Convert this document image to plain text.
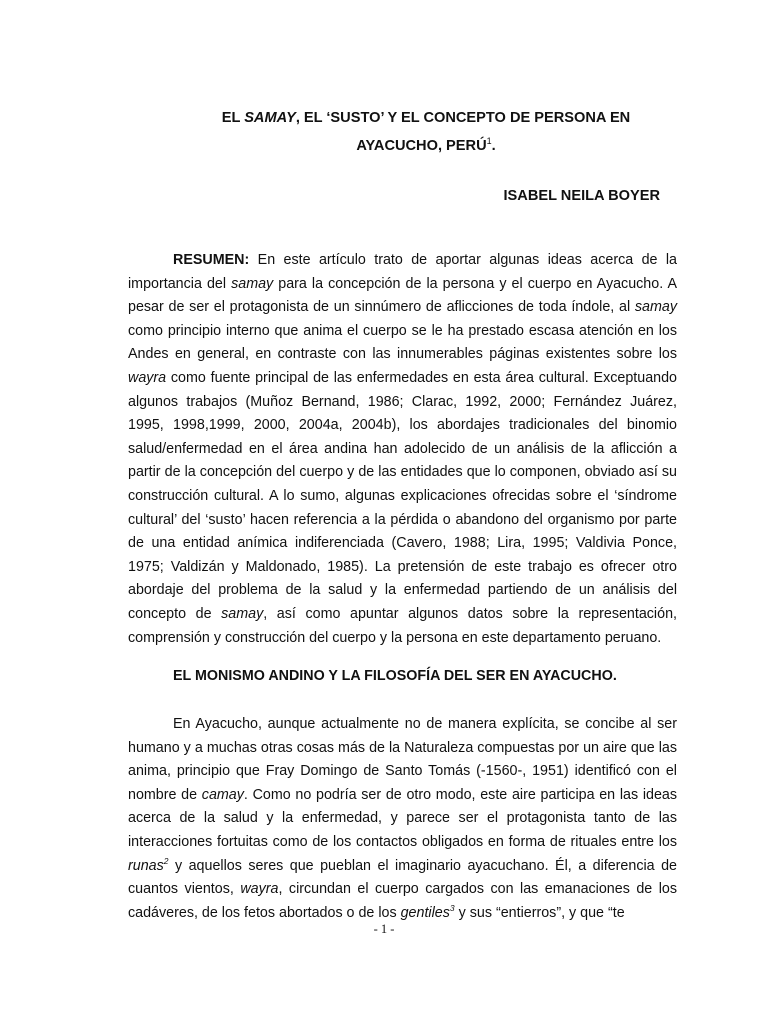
EL SAMAY, EL ‘SUSTO’ Y EL CONCEPTO DE PERSONA EN
AYACUCHO, PERÚ$^1$.
ISABEL NEILA BOYER

RESUMEN: En este artículo trato de aportar algunas ideas acerca de la importancia del samay para la concepción de la persona y el cuerpo en Ayacucho. A pesar de ser el protagonista de un sinnúmero de aflicciones de toda índole, al samay como principio interno que anima el cuerpo se le ha prestado escasa atención en los Andes en general, en contraste con las innumerables páginas existentes sobre los wayra como fuente principal de las enfermedades en esta área cultural. Exceptuando algunos trabajos (Muñoz Bernand, 1986; Clarac, 1992, 2000; Fernández Juárez, 1995, 1998,1999, 2000, 2004a, 2004b), los abordajes tradicionales del binomio salud/enfermedad en el área andina han adolecido de un análisis de la aflicción a partir de la concepción del cuerpo y de las entidades que lo componen, obviado así su construcción cultural. A lo sumo, algunas explicaciones ofrecidas sobre el ‘síndrome cultural’ del ‘susto’ hacen referencia a la pérdida o abandono del organismo por parte de una entidad anímica indiferenciada (Cavero, 1988; Lira, 1995; Valdivia Ponce, 1975; Valdizán y Maldonado, 1985). La pretensión de este trabajo es ofrecer otro abordaje del problema de la salud y la enfermedad partiendo de un análisis del concepto de samay, así como apuntar algunos datos sobre la representación, comprensión y construcción del cuerpo y la persona en este departamento peruano.

EL MONISMO ANDINO Y LA FILOSOFÍA DEL SER EN AYACUCHO.

En Ayacucho, aunque actualmente no de manera explícita, se concibe al ser humano y a muchas otras cosas más de la Naturaleza compuestas por un aire que las anima, principio que Fray Domingo de Santo Tomás (-1560-, 1951) identificó con el nombre de camay. Como no podría ser de otro modo, este aire participa en las ideas acerca de la salud y la enfermedad, y parece ser el protagonista tanto de las interacciones fortuitas como de los contactos obligados en forma de rituales entre los runas$^2$ y aquellos seres que pueblan el imaginario ayacuchano. Él, a diferencia de cuantos vientos, wayra, circundan el cuerpo cargados con las emanaciones de los cadáveres, de los fetos abortados o de los gentiles$^3$ y sus “entierros”, y que “te

- 1 -
